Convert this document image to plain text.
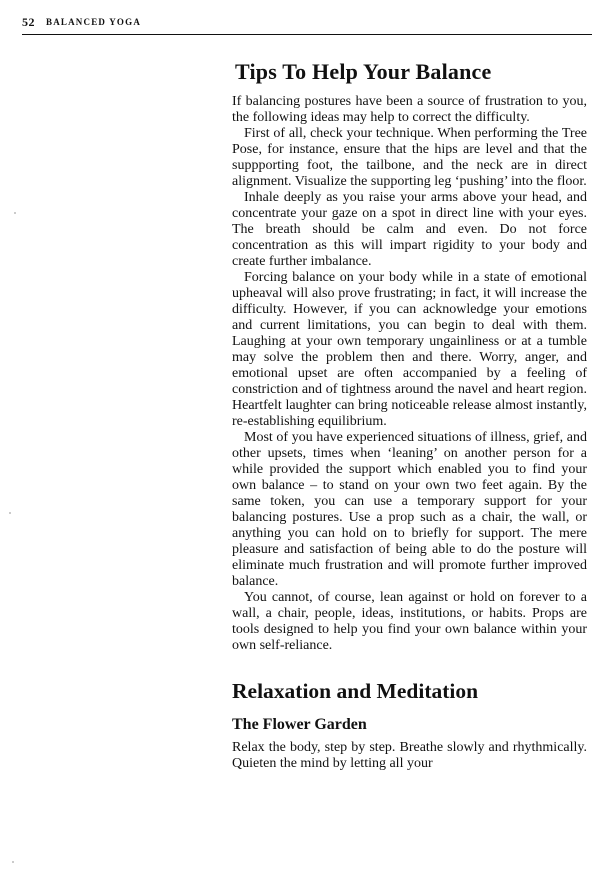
52 BALANCED YOGA
Tips To Help Your Balance

If balancing postures have been a source of frustration to you, the following ideas may help to correct the difficulty.

First of all, check your technique. When performing the Tree Pose, for instance, ensure that the hips are level and that the suppporting foot, the tailbone, and the neck are in direct alignment. Visualize the supporting leg ‘pushing’ into the floor.

Inhale deeply as you raise your arms above your head, and concentrate your gaze on a spot in direct line with your eyes. The breath should be calm and even. Do not force concentration as this will impart rigidity to your body and create further imbalance.

Forcing balance on your body while in a state of emotional upheaval will also prove frustrating; in fact, it will increase the difficulty. However, if you can acknowledge your emotions and current limitations, you can begin to deal with them. Laughing at your own temporary ungainliness or at a tumble may solve the problem then and there. Worry, anger, and emotional upset are often accompanied by a feeling of constriction and of tightness around the navel and heart region. Heartfelt laughter can bring noticeable release almost instantly, re-establishing equilibrium.

Most of you have experienced situations of illness, grief, and other upsets, times when ‘leaning’ on another person for a while provided the support which enabled you to find your own balance – to stand on your own two feet again. By the same token, you can use a temporary support for your balancing postures. Use a prop such as a chair, the wall, or anything you can hold on to briefly for support. The mere pleasure and satisfaction of being able to do the posture will eliminate much frustration and will promote further improved balance.

You cannot, of course, lean against or hold on forever to a wall, a chair, people, ideas, institutions, or habits. Props are tools designed to help you find your own balance within your own self-reliance.

Relaxation and Meditation
The Flower Garden

Relax the body, step by step. Breathe slowly and rhythmically. Quieten the mind by letting all your
